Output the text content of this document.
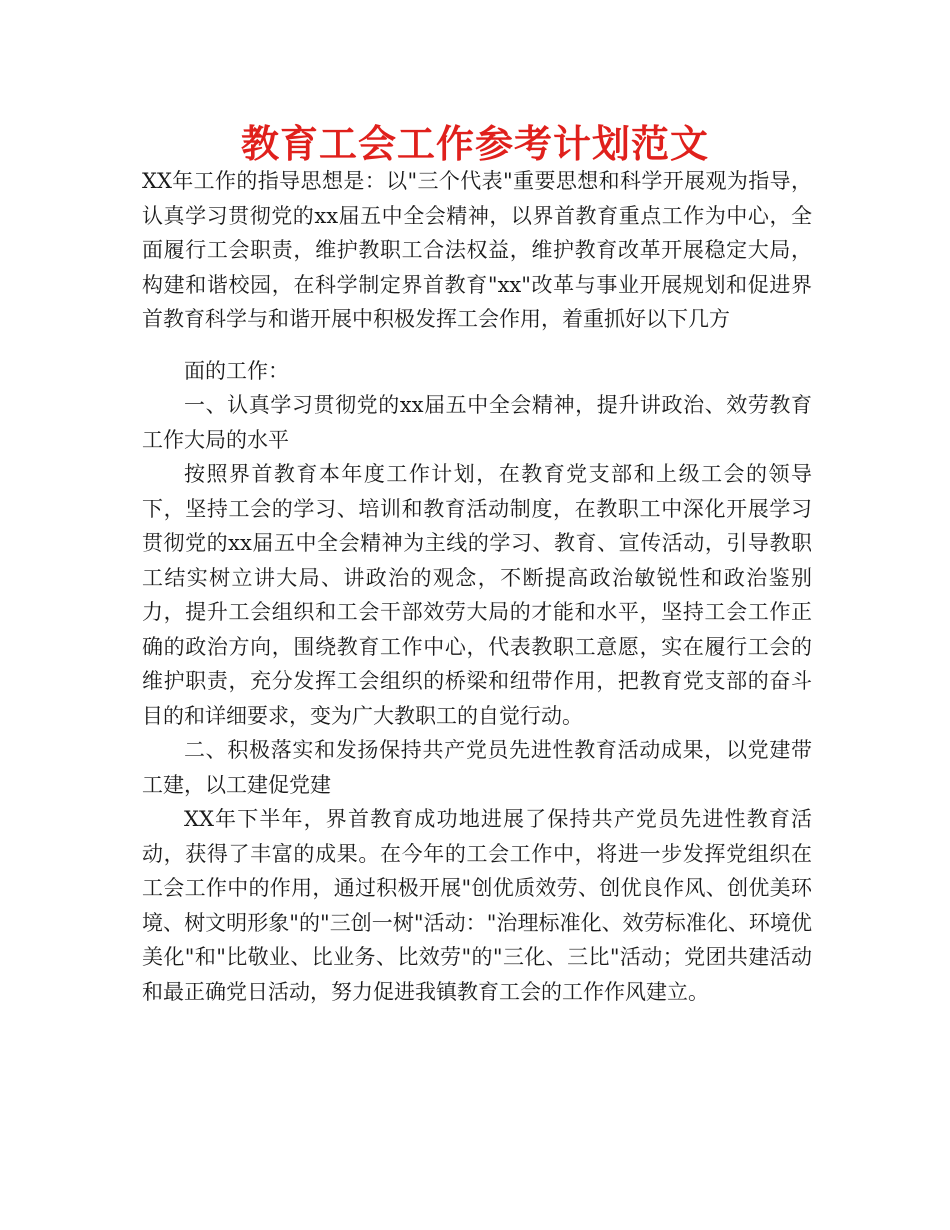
教育工会工作参考计划范文

XX年工作的指导思想是：以"三个代表"重要思想和科学开展观为指导，认真学习贯彻党的xx届五中全会精神，以界首教育重点工作为中心，全面履行工会职责，维护教职工合法权益，维护教育改革开展稳定大局，构建和谐校园，在科学制定界首教育"xx"改革与事业开展规划和促进界首教育科学与和谐开展中积极发挥工会作用，着重抓好以下几方

面的工作：

一、认真学习贯彻党的xx届五中全会精神，提升讲政治、效劳教育工作大局的水平

按照界首教育本年度工作计划，在教育党支部和上级工会的领导下，坚持工会的学习、培训和教育活动制度，在教职工中深化开展学习贯彻党的xx届五中全会精神为主线的学习、教育、宣传活动，引导教职工结实树立讲大局、讲政治的观念，不断提高政治敏锐性和政治鉴别力，提升工会组织和工会干部效劳大局的才能和水平，坚持工会工作正确的政治方向，围绕教育工作中心，代表教职工意愿，实在履行工会的维护职责，充分发挥工会组织的桥梁和纽带作用，把教育党支部的奋斗目的和详细要求，变为广大教职工的自觉行动。

二、积极落实和发扬保持共产党员先进性教育活动成果，以党建带工建，以工建促党建

XX年下半年，界首教育成功地进展了保持共产党员先进性教育活动，获得了丰富的成果。在今年的工会工作中，将进一步发挥党组织在工会工作中的作用，通过积极开展"创优质效劳、创优良作风、创优美环境、树文明形象"的"三创一树"活动："治理标准化、效劳标准化、环境优美化"和"比敬业、比业务、比效劳"的"三化、三比"活动；党团共建活动和最正确党日活动，努力促进我镇教育工会的工作作风建立。
